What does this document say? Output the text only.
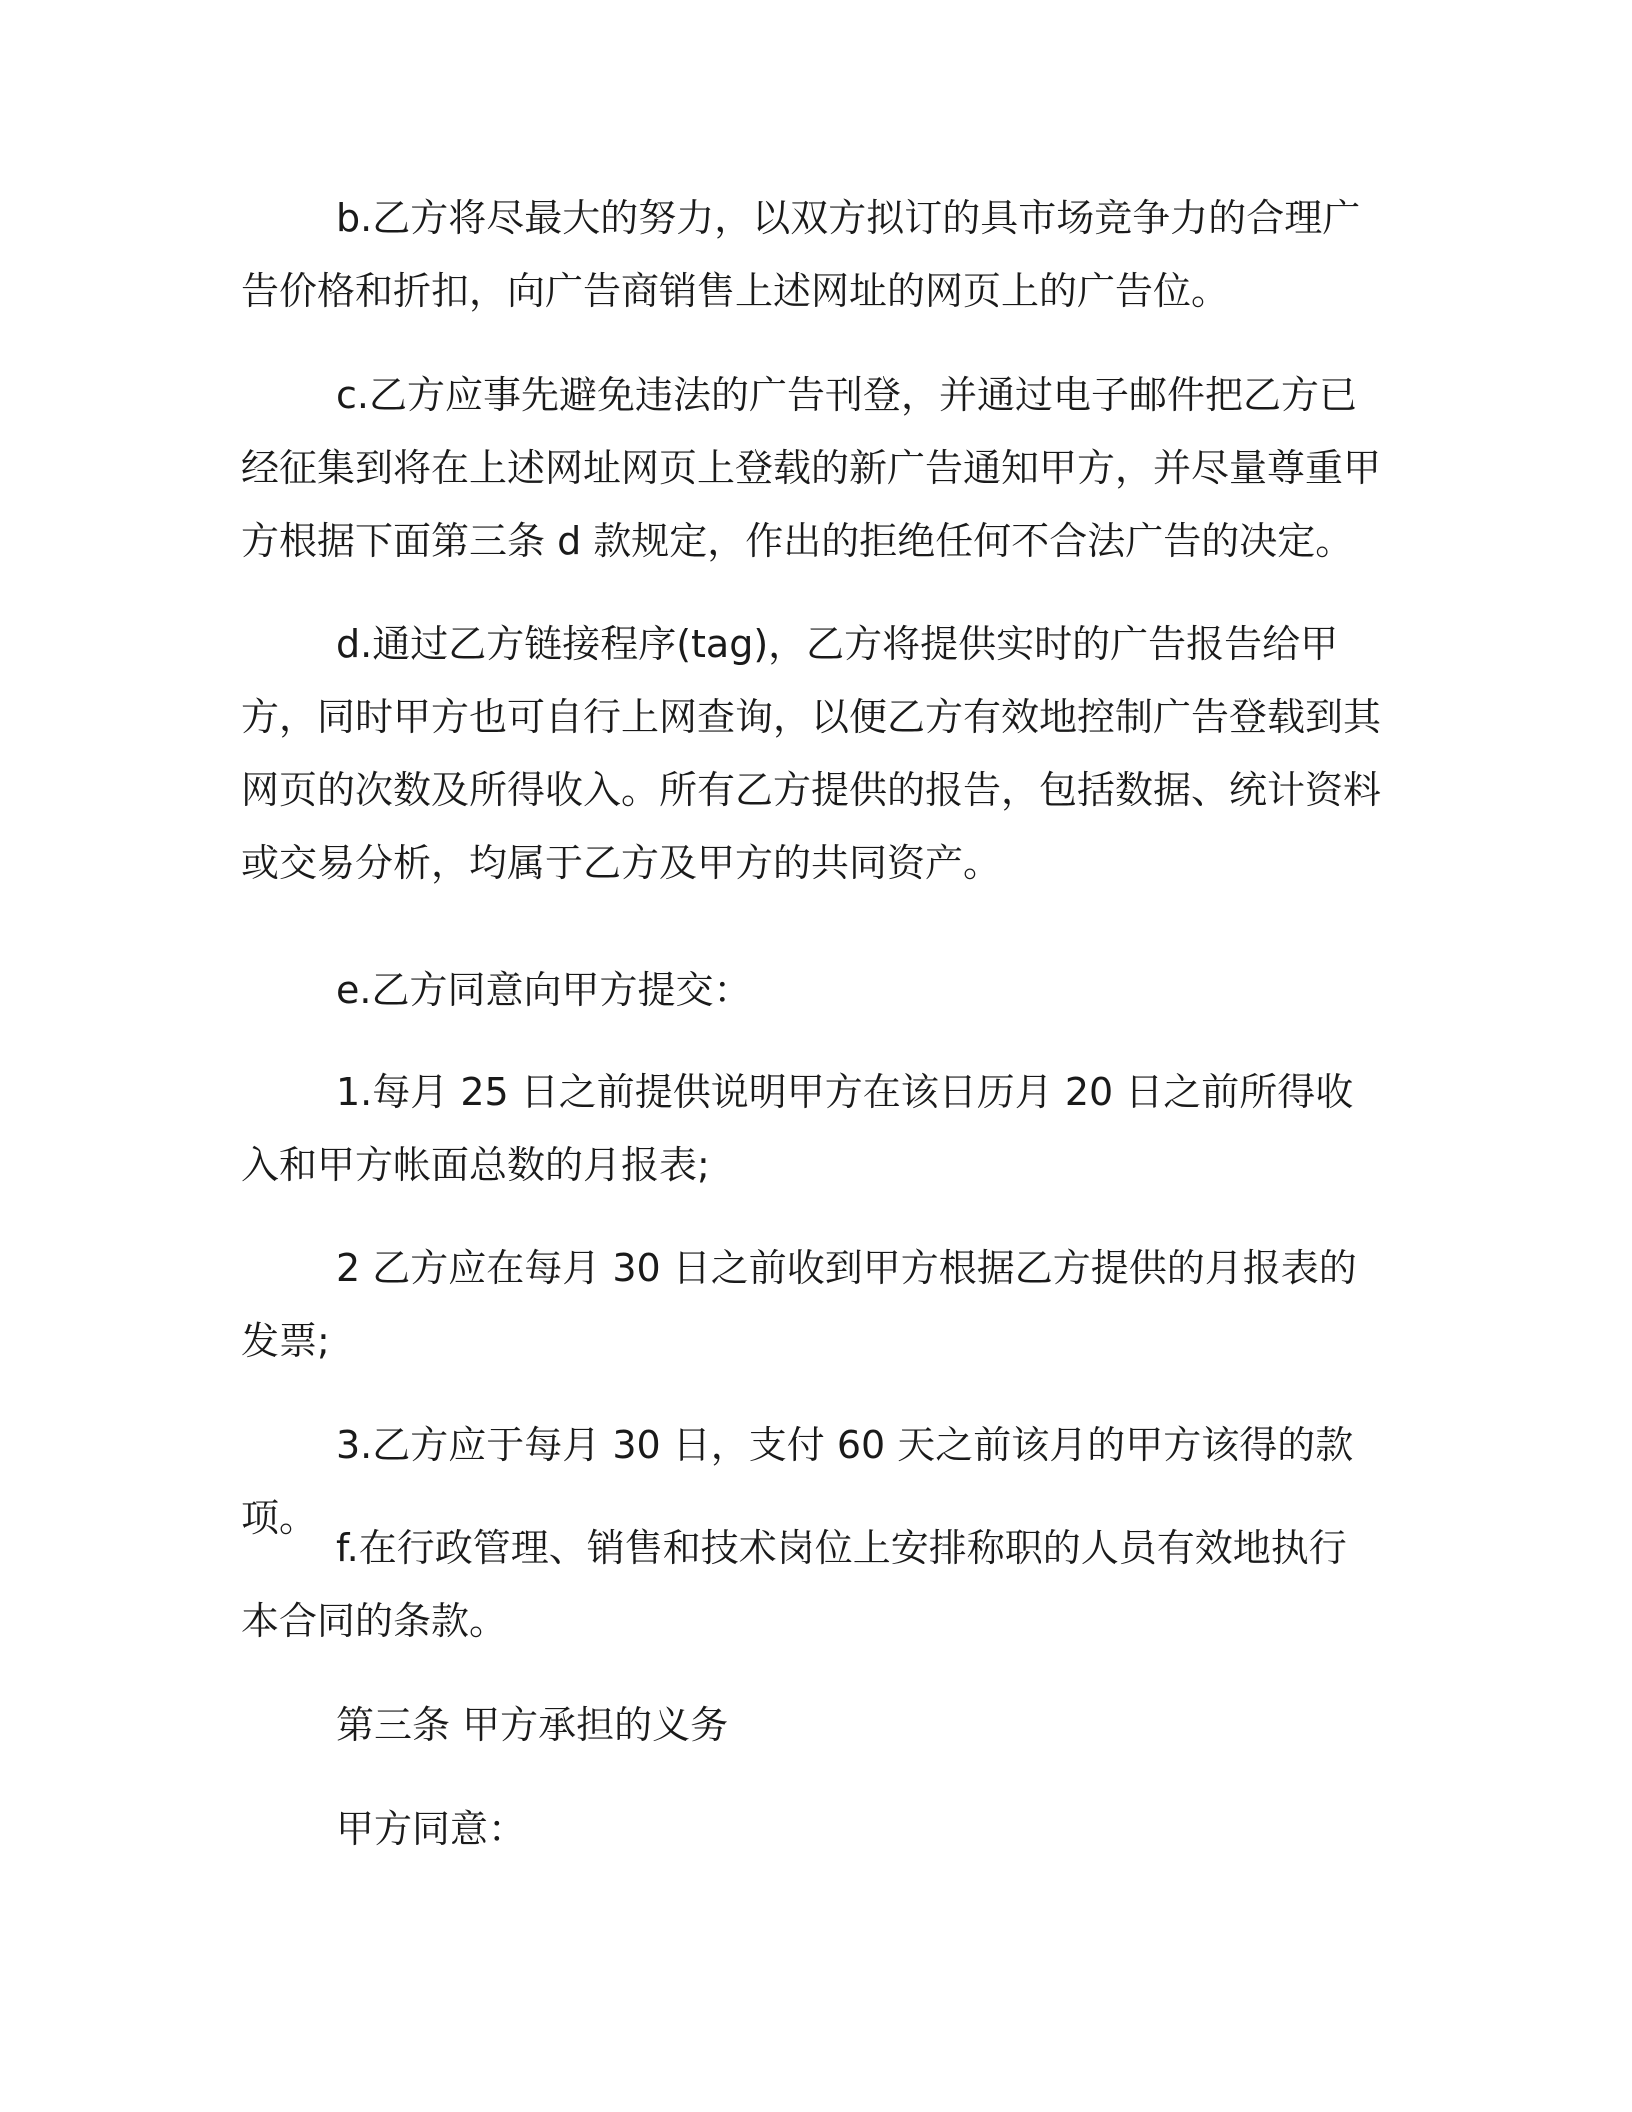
b.乙方将尽最大的努力，以双方拟订的具市场竞争力的合理广告价格和折扣，向广告商销售上述网址的网页上的广告位。

c.乙方应事先避免违法的广告刊登，并通过电子邮件把乙方已经征集到将在上述网址网页上登载的新广告通知甲方，并尽量尊重甲方根据下面第三条 d 款规定，作出的拒绝任何不合法广告的决定。

d.通过乙方链接程序(tag)，乙方将提供实时的广告报告给甲方，同时甲方也可自行上网查询，以便乙方有效地控制广告登载到其网页的次数及所得收入。所有乙方提供的报告，包括数据、统计资料或交易分析，均属于乙方及甲方的共同资产。

e.乙方同意向甲方提交：

1.每月 25 日之前提供说明甲方在该日历月 20 日之前所得收入和甲方帐面总数的月报表;

2 乙方应在每月 30 日之前收到甲方根据乙方提供的月报表的发票;

3.乙方应于每月 30 日，支付 60 天之前该月的甲方该得的款项。

f.在行政管理、销售和技术岗位上安排称职的人员有效地执行本合同的条款。

第三条 甲方承担的义务

甲方同意：
